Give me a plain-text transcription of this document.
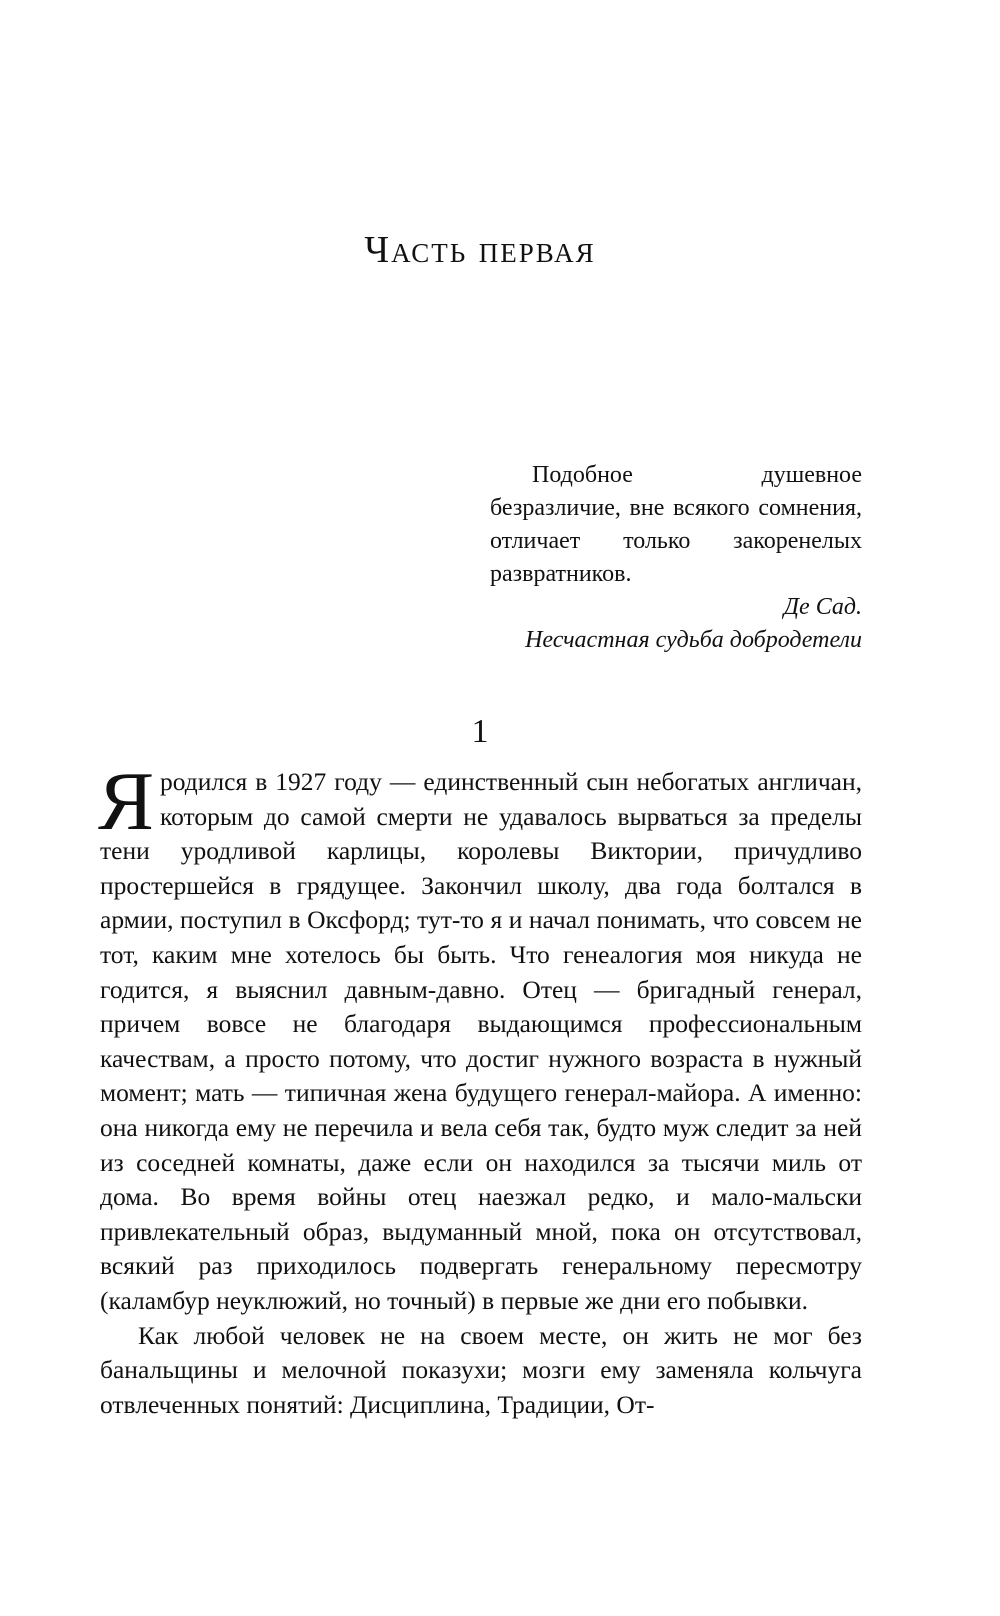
Часть первая

Подобное душевное безразличие, вне всякого сомнения, отличает только закоренелых развратников.

Де Сад.

Несчастная судьба добродетели

1

Я родился в 1927 году — единственный сын небогатых англичан, которым до самой смерти не удавалось вырваться за пределы тени уродливой карлицы, королевы Виктории, причудливо простершейся в грядущее. Закончил школу, два года болтался в армии, поступил в Оксфорд; тут-то я и начал понимать, что совсем не тот, каким мне хотелось бы быть. Что генеалогия моя никуда не годится, я выяснил давным-давно. Отец — бригадный генерал, причем вовсе не благодаря выдающимся профессиональным качествам, а просто потому, что достиг нужного возраста в нужный момент; мать — типичная жена будущего генерал-майора. А именно: она никогда ему не перечила и вела себя так, будто муж следит за ней из соседней комнаты, даже если он находился за тысячи миль от дома. Во время войны отец наезжал редко, и мало-мальски привлекательный образ, выдуманный мной, пока он отсутствовал, всякий раз приходилось подвергать генеральному пересмотру (каламбур неуклюжий, но точный) в первые же дни его побывки.

Как любой человек не на своем месте, он жить не мог без банальщины и мелочной показухи; мозги ему заменяла кольчуга отвлеченных понятий: Дисциплина, Традиции, От-
